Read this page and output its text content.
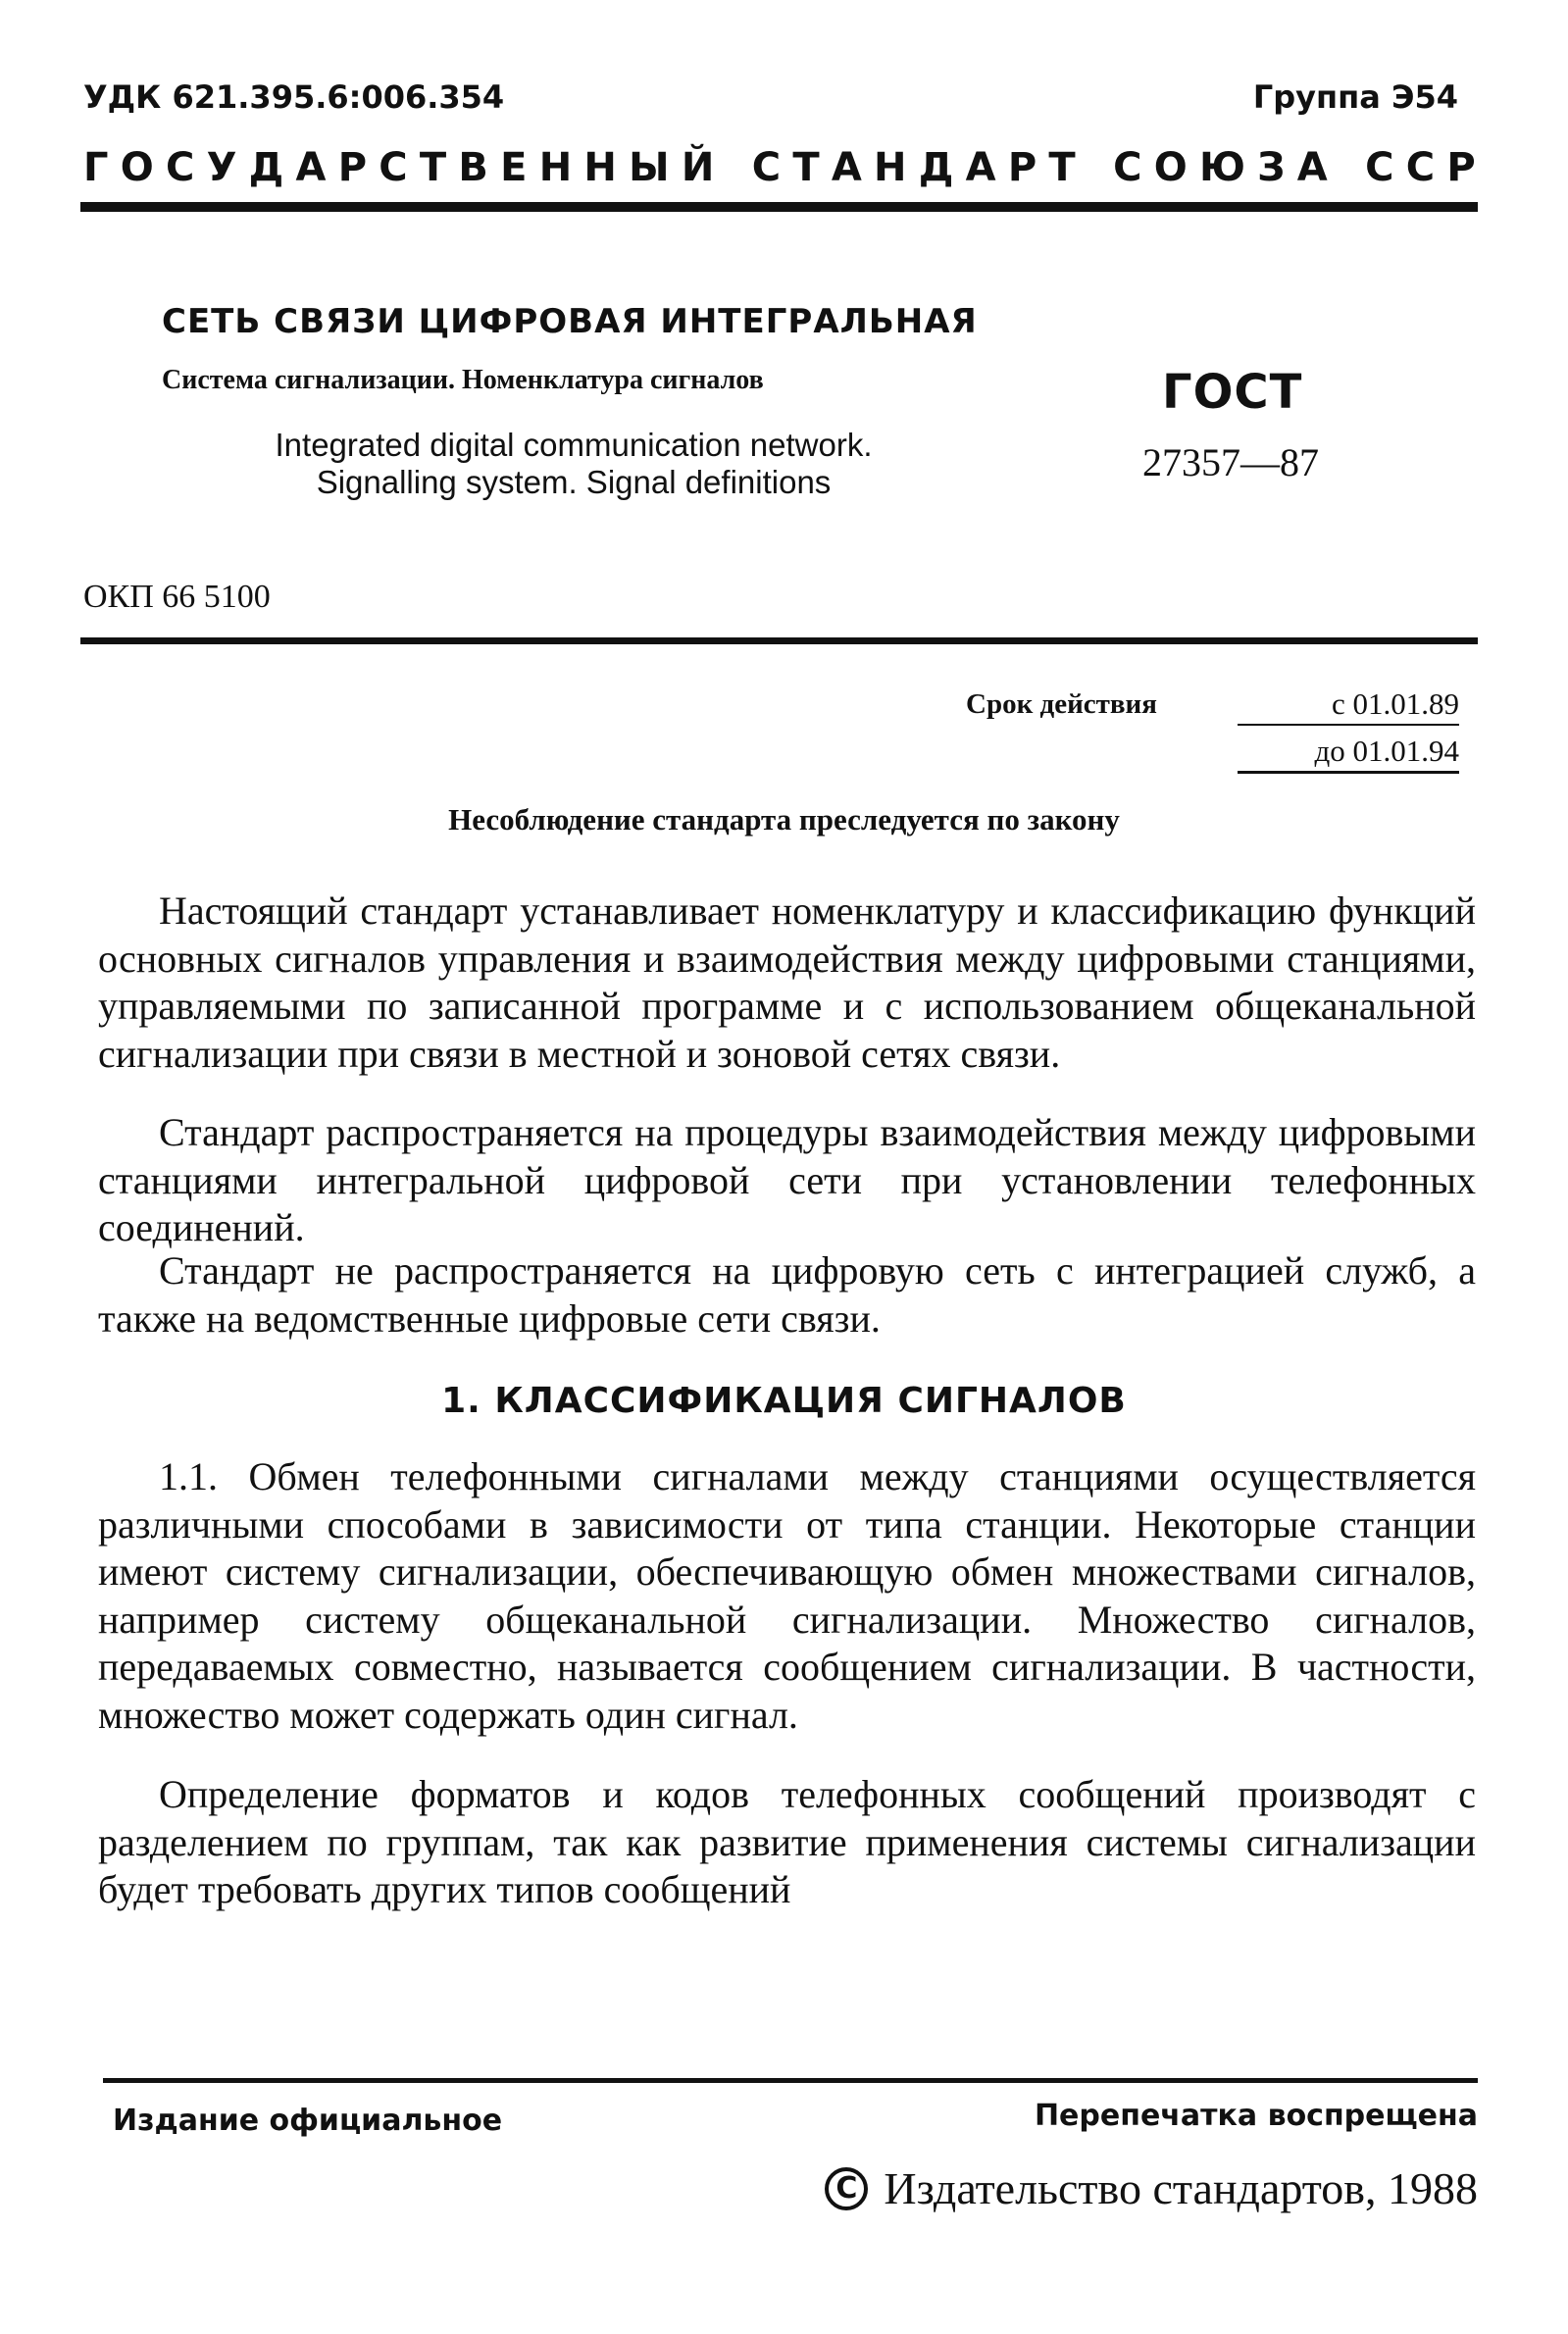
УДК 621.395.6:006.354	Группа Э54
Г О С У Д А Р С Т В Е Н Н Ы Й
С Т А Н Д А Р Т
С О Ю З А
С С Р
СЕТЬ СВЯЗИ ЦИФРОВАЯ ИНТЕГРАЛЬНАЯ
Система сигнализации. Номенклатура сигналов
Integrated digital communication network.
Signalling system. Signal definitions
ГОСТ
27357—87
ОКП 66 5100
Срок действия	с 01.01.89
до 01.01.94
Несоблюдение стандарта преследуется по закону

Настоящий стандарт устанавливает номенклатуру и классификацию функций основных сигналов управления и взаимодействия между цифровыми станциями, управляемыми по записанной программе и с использованием общеканальной сигнализации при связи в местной и зоновой сетях связи.

Стандарт распространяется на процедуры взаимодействия между цифровыми станциями интегральной цифровой сети при установлении телефонных соединений.

Стандарт не распространяется на цифровую сеть с интеграцией служб, а также на ведомственные цифровые сети связи.

1. КЛАССИФИКАЦИЯ СИГНАЛОВ

1.1. Обмен телефонными сигналами между станциями осуществляется различными способами в зависимости от типа станции. Некоторые станции имеют систему сигнализации, обеспечивающую обмен множествами сигналов, например систему общеканальной сигнализации. Множество сигналов, передаваемых совместно, называется сообщением сигнализации. В частности, множество может содержать один сигнал.

Определение форматов и кодов телефонных сообщений производят с разделением по группам, так как развитие применения системы сигнализации будет требовать других типов сообщений

Издание официальное	Перепечатка воспрещена
C Издательство стандартов, 1988
